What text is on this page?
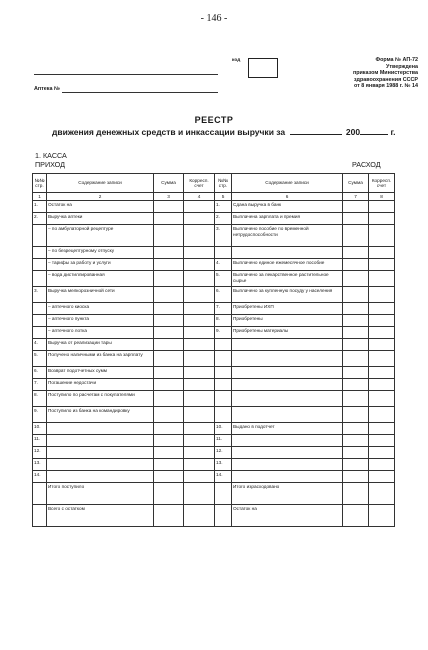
- 146 -
код	Форма № АП-72
Утверждена
приказом Министерства
здравоохранения СССР
от 8 января 1988 г. № 14
Аптека №
РЕЕСТР
движения денежных средств и инкассации выручки за	200	г.
1. КАССА
ПРИХОД	РАСХОД
№№ стр.	Содержание записи	Сумма	Корресп. счет	№№ стр.	Содержание записи	Сумма	Корресп. счет
1	2	3	4	5	6	7	8
1.	Остаток на			1.	Сдана выручка в банк		
2.	Выручка аптеки			2.	Выплачена зарплата и премия		
	– по амбулаторной рецептуре			3.	Выплачено пособие по временной нетрудоспособности		
	– по безрецептурному отпуску						
	– тарифы за работу и услуги			4.	Выплачено единое ежемесячное пособие		
	– вода дистиллированная			5.	Выплачено за лекарственное растительное сырье		
3.	Выручка мелкорозничной сети			6.	Выплачено за купленную посуду у населения		
	– аптечного киоска			7.	Приобретены ИХП		
	– аптечного пункта			8.	Приобретены		
	– аптечного лотка			9.	Приобретены материалы		
4.	Выручка от реализации тары						
5.	Получено наличными из банка на зарплату						
6.	Возврат подотчетных сумм						
7.	Погашение недостачи						
8.	Поступило по расчетам с покупателями						
9.	Поступило из банка на командировку						
10.				10.	Выдано в подотчет		
11.				11.			
12.				12.			
13.				13.			
14.				14.			
	Итого поступило				Итого израсходовано		
	Всего с остатком				Остаток на		
